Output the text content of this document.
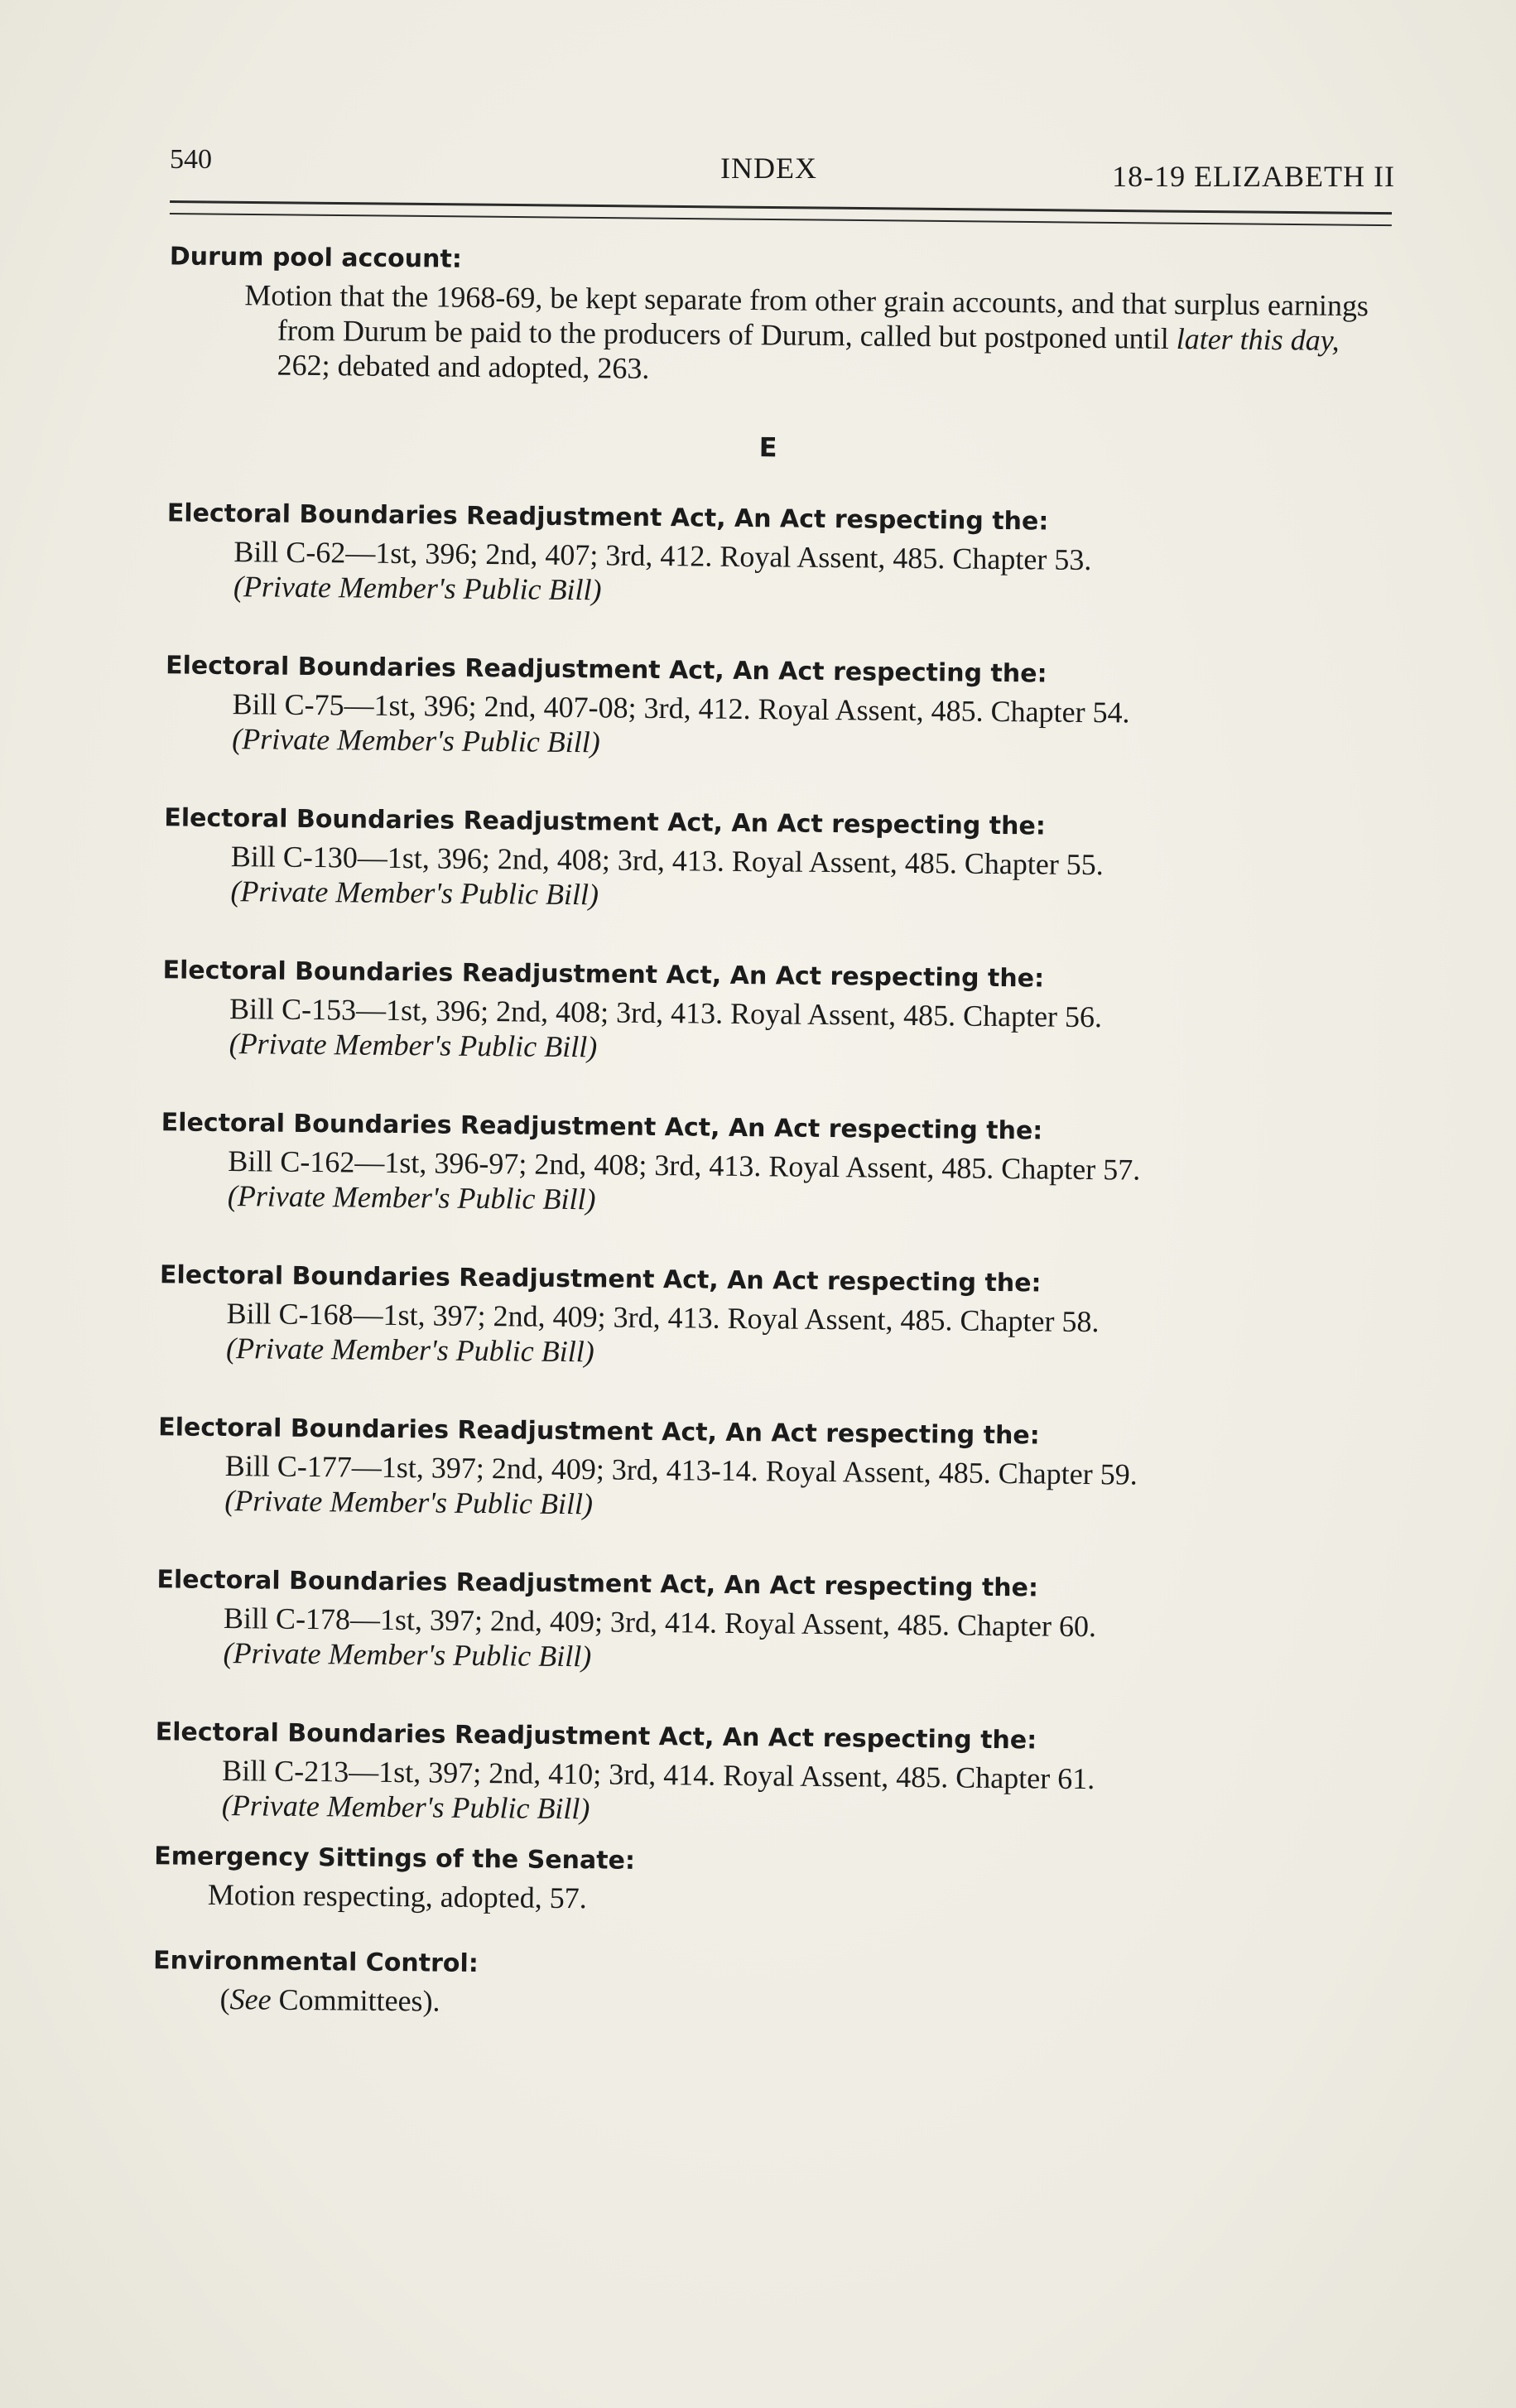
540	INDEX	18-19 ELIZABETH II
Durum pool account:
Motion that the 1968-69, be kept separate from other grain accounts, and that surplus earnings from Durum be paid to the producers of Durum, called but postponed until later this day, 262; debated and adopted, 263.
E
Electoral Boundaries Readjustment Act, An Act respecting the:
Bill C-62—1st, 396; 2nd, 407; 3rd, 412. Royal Assent, 485. Chapter 53.
(Private Member's Public Bill)
Electoral Boundaries Readjustment Act, An Act respecting the:
Bill C-75—1st, 396; 2nd, 407-08; 3rd, 412. Royal Assent, 485. Chapter 54.
(Private Member's Public Bill)
Electoral Boundaries Readjustment Act, An Act respecting the:
Bill C-130—1st, 396; 2nd, 408; 3rd, 413. Royal Assent, 485. Chapter 55.
(Private Member's Public Bill)
Electoral Boundaries Readjustment Act, An Act respecting the:
Bill C-153—1st, 396; 2nd, 408; 3rd, 413. Royal Assent, 485. Chapter 56.
(Private Member's Public Bill)
Electoral Boundaries Readjustment Act, An Act respecting the:
Bill C-162—1st, 396-97; 2nd, 408; 3rd, 413. Royal Assent, 485. Chapter 57.
(Private Member's Public Bill)
Electoral Boundaries Readjustment Act, An Act respecting the:
Bill C-168—1st, 397; 2nd, 409; 3rd, 413. Royal Assent, 485. Chapter 58.
(Private Member's Public Bill)
Electoral Boundaries Readjustment Act, An Act respecting the:
Bill C-177—1st, 397; 2nd, 409; 3rd, 413-14. Royal Assent, 485. Chapter 59.
(Private Member's Public Bill)
Electoral Boundaries Readjustment Act, An Act respecting the:
Bill C-178—1st, 397; 2nd, 409; 3rd, 414. Royal Assent, 485. Chapter 60.
(Private Member's Public Bill)
Electoral Boundaries Readjustment Act, An Act respecting the:
Bill C-213—1st, 397; 2nd, 410; 3rd, 414. Royal Assent, 485. Chapter 61.
(Private Member's Public Bill)
Emergency Sittings of the Senate:
Motion respecting, adopted, 57.
Environmental Control:
(See Committees).
